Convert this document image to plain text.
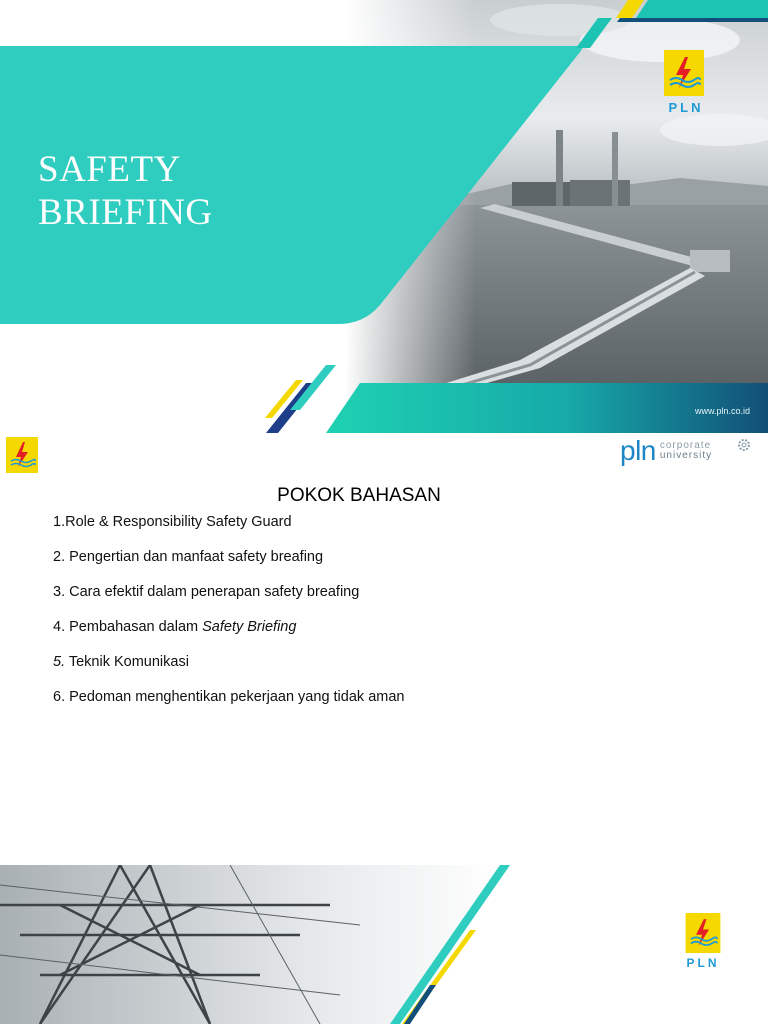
SAFETY
BRIEFING
PLN
www.pln.co.id
pln corporate
university
POKOK BAHASAN
1.Role & Responsibility Safety Guard
2. Pengertian dan manfaat safety breafing
3. Cara efektif dalam penerapan safety breafing
4. Pembahasan dalam Safety Briefing
5. Teknik Komunikasi
6. Pedoman menghentikan pekerjaan yang tidak aman
PLN
